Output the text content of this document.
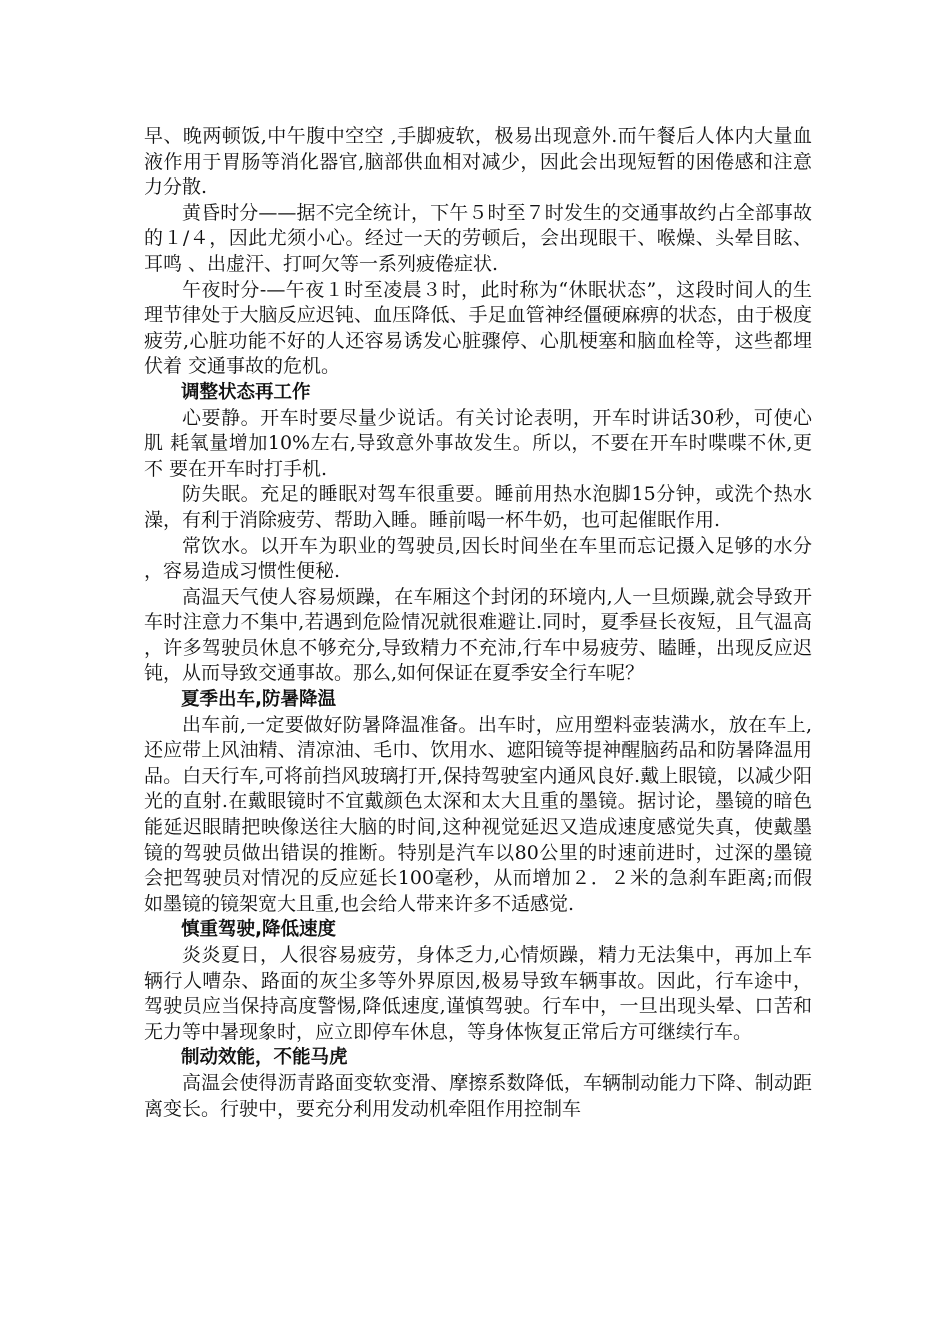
早、晚两顿饭,中午腹中空空 ,手脚疲软，极易出现意外.而午餐后人体内大量血液作用于胃肠等消化器官,脑部供血相对减少，因此会出现短暂的困倦感和注意力分散.

黄昏时分——据不完全统计，下午５时至７时发生的交通事故约占全部事故的１/４，因此尤须小心。经过一天的劳顿后，会出现眼干、喉燥、头晕目眩、耳鸣 、出虚汗、打呵欠等一系列疲倦症状.

午夜时分-—午夜１时至凌晨３时，此时称为“休眠状态”，这段时间人的生理节律处于大脑反应迟钝、血压降低、手足血管神经僵硬麻痹的状态，由于极度疲劳,心脏功能不好的人还容易诱发心脏骤停、心肌梗塞和脑血栓等，这些都埋伏着 交通事故的危机。

调整状态再工作

心要静。开车时要尽量少说话。有关讨论表明，开车时讲话30秒，可使心肌 耗氧量增加10%左右,导致意外事故发生。所以，不要在开车时喋喋不休,更不 要在开车时打手机.

防失眠。充足的睡眠对驾车很重要。睡前用热水泡脚15分钟，或洗个热水澡，有利于消除疲劳、帮助入睡。睡前喝一杯牛奶，也可起催眠作用.

常饮水。以开车为职业的驾驶员,因长时间坐在车里而忘记摄入足够的水分，容易造成习惯性便秘.

高温天气使人容易烦躁，在车厢这个封闭的环境内,人一旦烦躁,就会导致开车时注意力不集中,若遇到危险情况就很难避让.同时，夏季昼长夜短，且气温高，许多驾驶员休息不够充分,导致精力不充沛,行车中易疲劳、瞌睡，出现反应迟钝，从而导致交通事故。那么,如何保证在夏季安全行车呢？

夏季出车,防暑降温

出车前,一定要做好防暑降温准备。出车时，应用塑料壶装满水，放在车上,还应带上风油精、清凉油、毛巾、饮用水、遮阳镜等提神醒脑药品和防暑降温用品。白天行车,可将前挡风玻璃打开,保持驾驶室内通风良好.戴上眼镜，以减少阳光的直射.在戴眼镜时不宜戴颜色太深和太大且重的墨镜。据讨论，墨镜的暗色能延迟眼睛把映像送往大脑的时间,这种视觉延迟又造成速度感觉失真，使戴墨镜的驾驶员做出错误的推断。特别是汽车以80公里的时速前进时，过深的墨镜会把驾驶员对情况的反应延长100毫秒，从而增加２．２米的急刹车距离;而假如墨镜的镜架宽大且重,也会给人带来许多不适感觉.

慎重驾驶,降低速度

炎炎夏日，人很容易疲劳，身体乏力,心情烦躁，精力无法集中，再加上车辆行人嘈杂、路面的灰尘多等外界原因,极易导致车辆事故。因此，行车途中，驾驶员应当保持高度警惕,降低速度,谨慎驾驶。行车中，一旦出现头晕、口苦和无力等中暑现象时，应立即停车休息，等身体恢复正常后方可继续行车。

制动效能，不能马虎

高温会使得沥青路面变软变滑、摩擦系数降低，车辆制动能力下降、制动距离变长。行驶中，要充分利用发动机牵阻作用控制车
